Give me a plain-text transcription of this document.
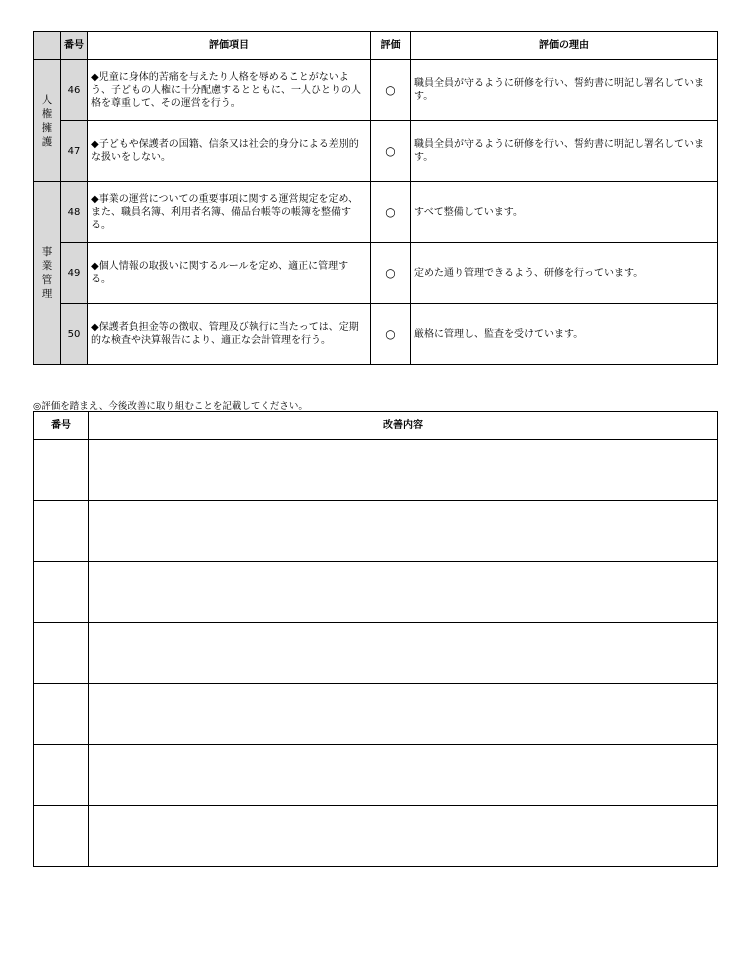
	番号	評価項目	評価	評価の理由
人権擁護	46	◆児童に身体的苦痛を与えたり人格を辱めることがないよう、子どもの人権に十分配慮するとともに、一人ひとりの人格を尊重して、その運営を行う。	○	職員全員が守るように研修を行い、誓約書に明記し署名しています。
	47	◆子どもや保護者の国籍、信条又は社会的身分による差別的な扱いをしない。	○	職員全員が守るように研修を行い、誓約書に明記し署名しています。
事業管理	48	◆事業の運営についての重要事項に関する運営規定を定め、また、職員名簿、利用者名簿、備品台帳等の帳簿を整備する。	○	すべて整備しています。
	49	◆個人情報の取扱いに関するルールを定め、適正に管理する。	○	定めた通り管理できるよう、研修を行っています。
	50	◆保護者負担金等の徴収、管理及び執行に当たっては、定期的な検査や決算報告により、適正な会計管理を行う。	○	厳格に管理し、監査を受けています。
◎評価を踏まえ、今後改善に取り組むことを記載してください。
番号	改善内容
